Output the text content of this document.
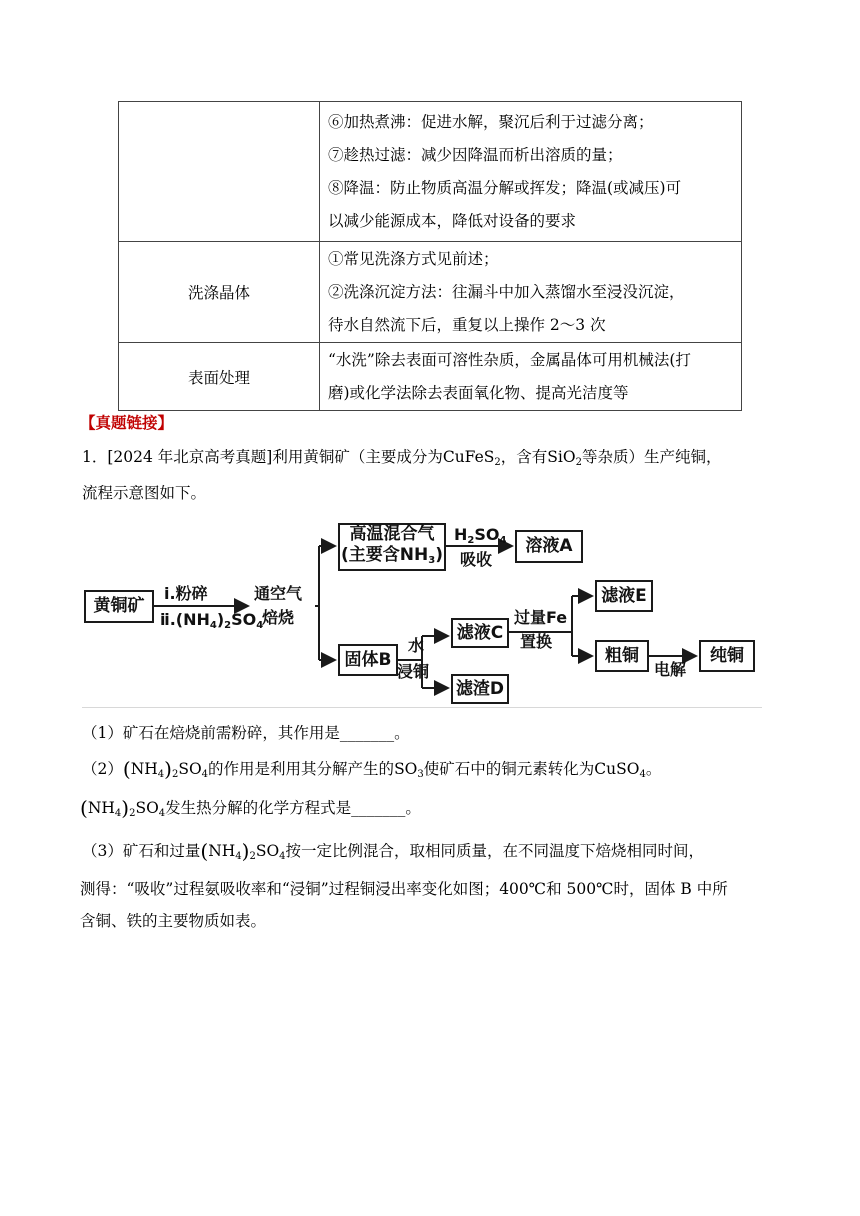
	⑥加热煮沸：促进水解，聚沉后利于过滤分离；
⑦趁热过滤：减少因降温而析出溶质的量；
⑧降温：防止物质高温分解或挥发；降温(或减压)可
以减少能源成本，降低对设备的要求

洗涤晶体	①常见洗涤方式见前述；
②洗涤沉淀方法：往漏斗中加入蒸馏水至浸没沉淀，
待水自然流下后，重复以上操作 2～3 次

表面处理	“水洗”除去表面可溶性杂质，金属晶体可用机械法(打
磨)或化学法除去表面氧化物、提高光洁度等
【真题链接】
1．[2024 年北京高考真题]利用黄铜矿（主要成分为CuFeS$_2$，含有SiO$_2$等杂质）生产纯铜，
流程示意图如下。
黄铜矿
ⅰ.粉碎
$ⅱ.(NH_4)_2SO_4$
通空气
焙烧
高温混合气
(主要含$NH_3$)
$H_2SO_4$
吸收
溶液A
固体B
水
浸铜
滤液C
滤渣D
过量Fe
置换
滤液E
粗铜
电解
纯铜
（1）矿石在焙烧前需粉碎，其作用是_______。
$(2)(NH_4)_2SO_4$的作用是利用其分解产生的$SO_3$使矿石中的铜元素转化为CuSO$_4$。
$(NH_4)_2SO_4$发生热分解的化学方程式是_______。
（3）矿石和过量$(NH_4)_2SO_4$按一定比例混合，取相同质量，在不同温度下焙烧相同时间，
测得：“吸收”过程氨吸收率和“浸铜”过程铜浸出率变化如图；400℃和 500℃时，固体 B 中所
含铜、铁的主要物质如表。
